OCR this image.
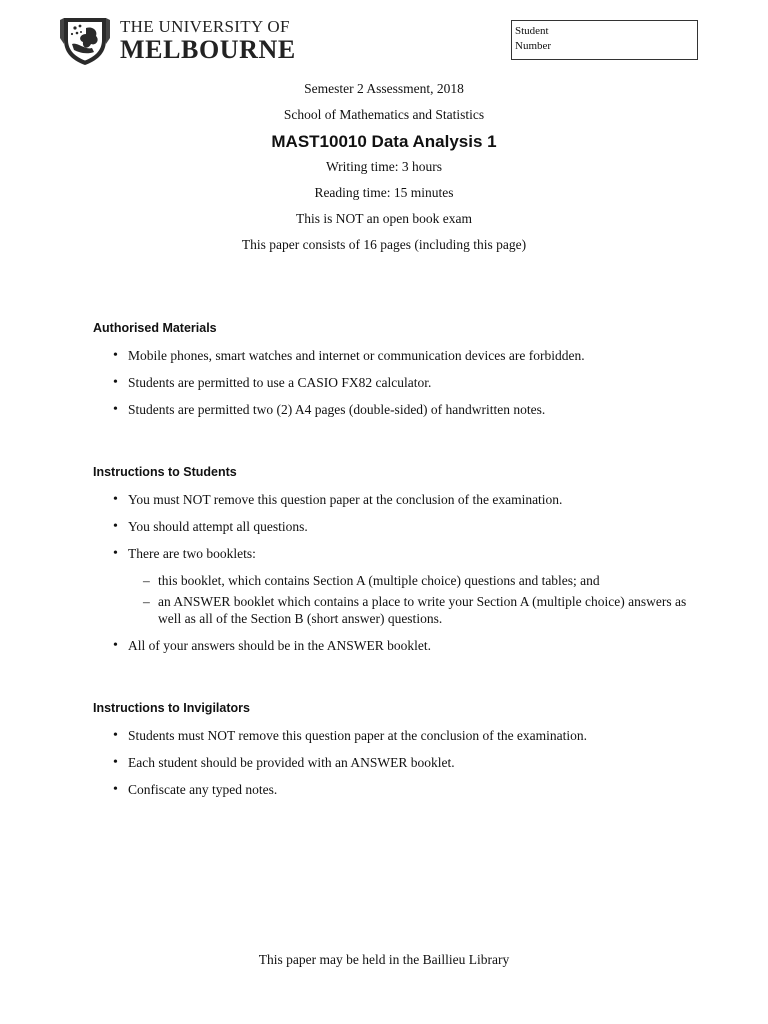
THE UNIVERSITY OF
MELBOURNE
Student
Number
Semester 2 Assessment, 2018
School of Mathematics and Statistics
MAST10010 Data Analysis 1
Writing time: 3 hours
Reading time: 15 minutes
This is NOT an open book exam
This paper consists of 16 pages (including this page)
Authorised Materials
• Mobile phones, smart watches and internet or communication devices are forbidden.
• Students are permitted to use a CASIO FX82 calculator.
• Students are permitted two (2) A4 pages (double-sided) of handwritten notes.
Instructions to Students
• You must NOT remove this question paper at the conclusion of the examination.
• You should attempt all questions.
• There are two booklets:
– this booklet, which contains Section A (multiple choice) questions and tables; and
– an ANSWER booklet which contains a place to write your Section A (multiple choice) answers as well as all of the Section B (short answer) questions.
• All of your answers should be in the ANSWER booklet.
Instructions to Invigilators
• Students must NOT remove this question paper at the conclusion of the examination.
• Each student should be provided with an ANSWER booklet.
• Confiscate any typed notes.
This paper may be held in the Baillieu Library
